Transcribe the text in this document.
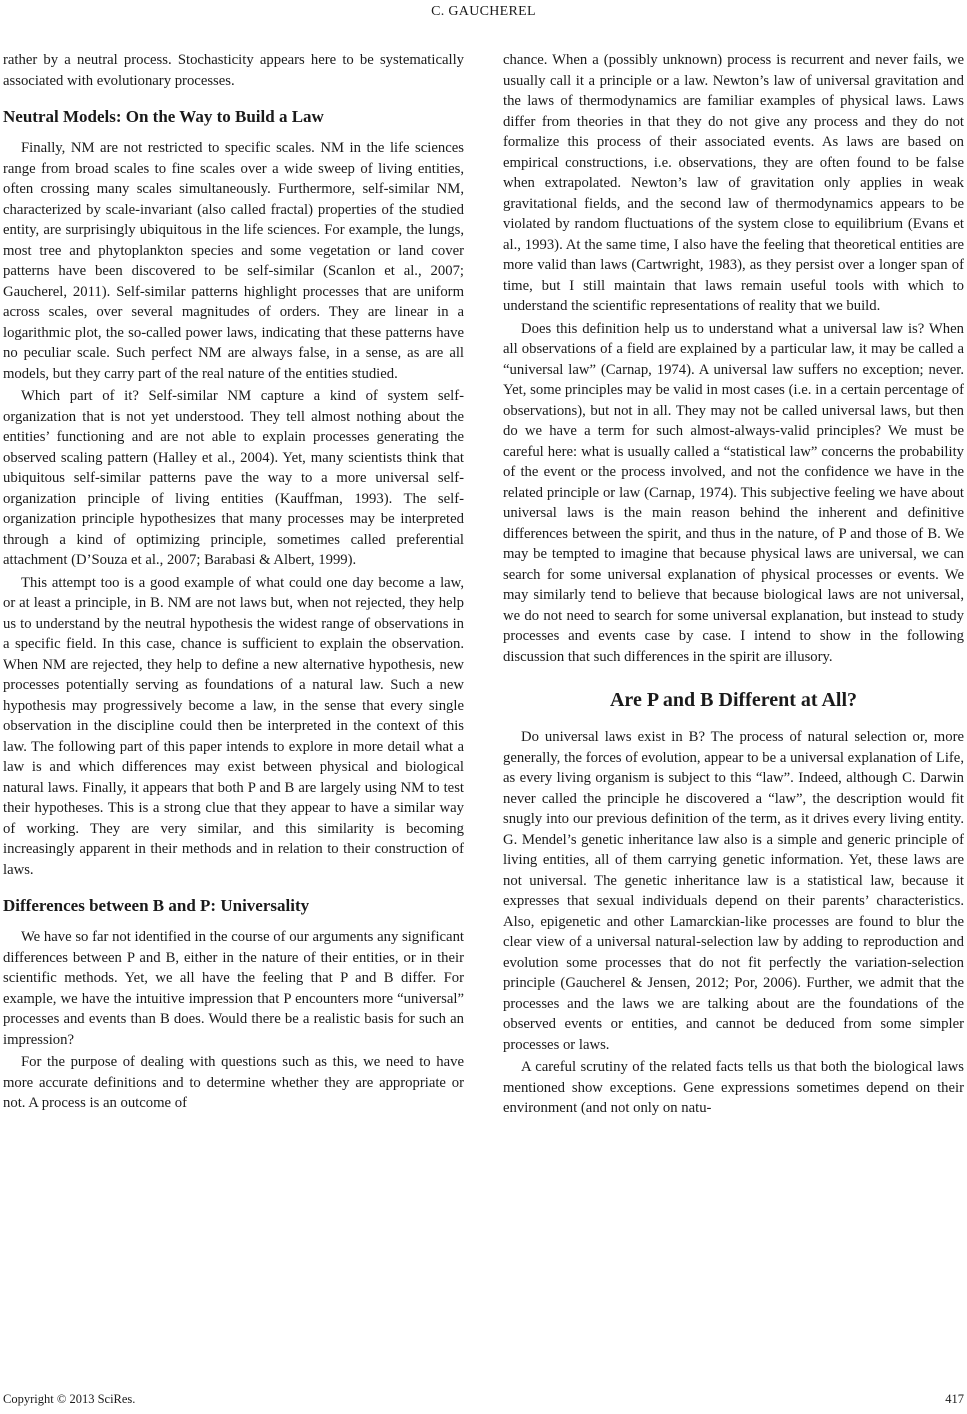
C. GAUCHEREL

rather by a neutral process. Stochasticity appears here to be systematically associated with evolutionary processes.

Neutral Models: On the Way to Build a Law

Finally, NM are not restricted to specific scales. NM in the life sciences range from broad scales to fine scales over a wide sweep of living entities, often crossing many scales simultaneously. Furthermore, self-similar NM, characterized by scale-invariant (also called fractal) properties of the studied entity, are surprisingly ubiquitous in the life sciences. For example, the lungs, most tree and phytoplankton species and some vegetation or land cover patterns have been discovered to be self-similar (Scanlon et al., 2007; Gaucherel, 2011). Self-similar patterns highlight processes that are uniform across scales, over several magnitudes of orders. They are linear in a logarithmic plot, the so-called power laws, indicating that these patterns have no peculiar scale. Such perfect NM are always false, in a sense, as are all models, but they carry part of the real nature of the entities studied.

Which part of it? Self-similar NM capture a kind of system self-organization that is not yet understood. They tell almost nothing about the entities’ functioning and are not able to explain processes generating the observed scaling pattern (Halley et al., 2004). Yet, many scientists think that ubiquitous self-similar patterns pave the way to a more universal self-organization principle of living entities (Kauffman, 1993). The self-organization principle hypothesizes that many processes may be interpreted through a kind of optimizing principle, sometimes called preferential attachment (D’Souza et al., 2007; Barabasi & Albert, 1999).

This attempt too is a good example of what could one day become a law, or at least a principle, in B. NM are not laws but, when not rejected, they help us to understand by the neutral hypothesis the widest range of observations in a specific field. In this case, chance is sufficient to explain the observation. When NM are rejected, they help to define a new alternative hypothesis, new processes potentially serving as foundations of a natural law. Such a new hypothesis may progressively become a law, in the sense that every single observation in the discipline could then be interpreted in the context of this law. The following part of this paper intends to explore in more detail what a law is and which differences may exist between physical and biological natural laws. Finally, it appears that both P and B are largely using NM to test their hypotheses. This is a strong clue that they appear to have a similar way of working. They are very similar, and this similarity is becoming increasingly apparent in their methods and in relation to their construction of laws.

Differences between B and P: Universality

We have so far not identified in the course of our arguments any significant differences between P and B, either in the nature of their entities, or in their scientific methods. Yet, we all have the feeling that P and B differ. For example, we have the intuitive impression that P encounters more “universal” processes and events than B does. Would there be a realistic basis for such an impression?

For the purpose of dealing with questions such as this, we need to have more accurate definitions and to determine whether they are appropriate or not. A process is an outcome of

chance. When a (possibly unknown) process is recurrent and never fails, we usually call it a principle or a law. Newton’s law of universal gravitation and the laws of thermodynamics are familiar examples of physical laws. Laws differ from theories in that they do not give any process and they do not formalize this process of their associated events. As laws are based on empirical constructions, i.e. observations, they are often found to be false when extrapolated. Newton’s law of gravitation only applies in weak gravitational fields, and the second law of thermodynamics appears to be violated by random fluctuations of the system close to equilibrium (Evans et al., 1993). At the same time, I also have the feeling that theoretical entities are more valid than laws (Cartwright, 1983), as they persist over a longer span of time, but I still maintain that laws remain useful tools with which to understand the scientific representations of reality that we build.

Does this definition help us to understand what a universal law is? When all observations of a field are explained by a particular law, it may be called a “universal law” (Carnap, 1974). A universal law suffers no exception; never. Yet, some principles may be valid in most cases (i.e. in a certain percentage of observations), but not in all. They may not be called universal laws, but then do we have a term for such almost-always-valid principles? We must be careful here: what is usually called a “statistical law” concerns the probability of the event or the process involved, and not the confidence we have in the related principle or law (Carnap, 1974). This subjective feeling we have about universal laws is the main reason behind the inherent and definitive differences between the spirit, and thus in the nature, of P and those of B. We may be tempted to imagine that because physical laws are universal, we can search for some universal explanation of physical processes or events. We may similarly tend to believe that because biological laws are not universal, we do not need to search for some universal explanation, but instead to study processes and events case by case. I intend to show in the following discussion that such differences in the spirit are illusory.

Are P and B Different at All?

Do universal laws exist in B? The process of natural selection or, more generally, the forces of evolution, appear to be a universal explanation of Life, as every living organism is subject to this “law”. Indeed, although C. Darwin never called the principle he discovered a “law”, the description would fit snugly into our previous definition of the term, as it drives every living entity. G. Mendel’s genetic inheritance law also is a simple and generic principle of living entities, all of them carrying genetic information. Yet, these laws are not universal. The genetic inheritance law is a statistical law, because it expresses that sexual individuals depend on their parents’ characteristics. Also, epigenetic and other Lamarckian-like processes are found to blur the clear view of a universal natural-selection law by adding to reproduction and evolution some processes that do not fit perfectly the variation-selection principle (Gaucherel & Jensen, 2012; Por, 2006). Further, we admit that the processes and the laws we are talking about are the foundations of the observed events or entities, and cannot be deduced from some simpler processes or laws.

A careful scrutiny of the related facts tells us that both the biological laws mentioned show exceptions. Gene expressions sometimes depend on their environment (and not only on natu-

Copyright © 2013 SciRes.	417
